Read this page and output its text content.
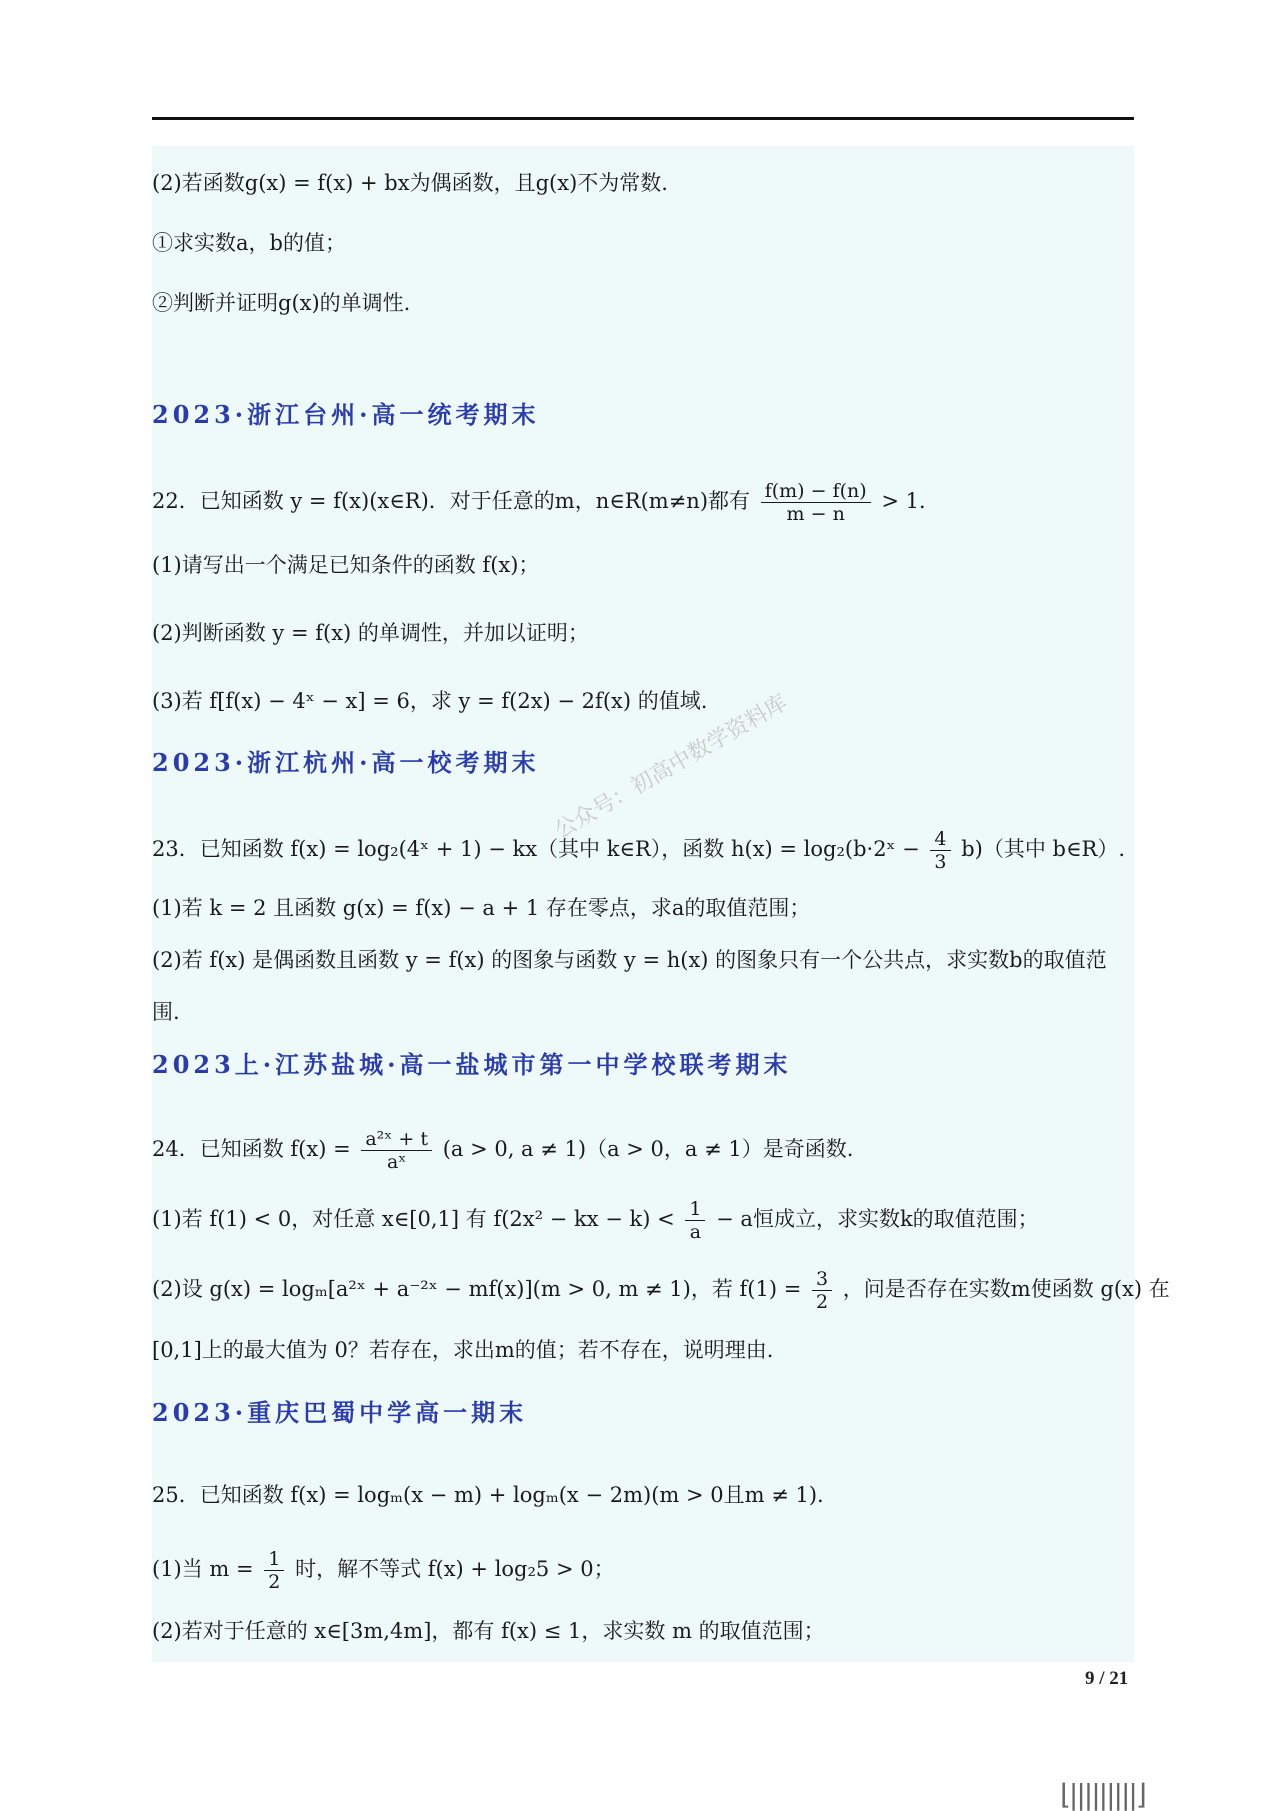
(2)若函数g(x) = f(x) + bx为偶函数，且g(x)不为常数.
①求实数a，b的值；
②判断并证明g(x)的单调性.
2023·浙江台州·高一统考期末
22．已知函数 y = f(x)(x∈R)．对于任意的m，n∈R(m≠n)都有 $\frac{f(m) - f(n)}{m - n} > 1$．
(1)请写出一个满足已知条件的函数 f(x)；
(2)判断函数 y = f(x) 的单调性，并加以证明；
(3)若 f[f(x) − 4ˣ − x] = 6，求 y = f(2x) − 2f(x) 的值域.
2023·浙江杭州·高一校考期末
23．已知函数 f(x) = log₂(4ˣ + 1) − kx（其中 k∈R），函数 h(x) = log₂(b·2ˣ − $\frac{4}{3} b$)（其中 b∈R）.
(1)若 k = 2 且函数 g(x) = f(x) − a + 1 存在零点，求a的取值范围；
(2)若 f(x) 是偶函数且函数 y = f(x) 的图象与函数 y = h(x) 的图象只有一个公共点，求实数b的取值范
围.
2023上·江苏盐城·高一盐城市第一中学校联考期末
24．已知函数 $f(x) = \frac{\text{a²ˣ + t}}{\text{aˣ}} (a > 0$, a ≠ 1)（a > 0，a ≠ 1）是奇函数.
(1)若 f(1) < 0，对任意 x∈[0,1] 有 f(2x² − kx − $k) < \frac{1}{a} - a$恒成立，求实数k的取值范围；
(2)设 g(x) = logₘ[a²ˣ + a⁻²ˣ − mf(x)](m > 0, m ≠ 1)，若 $f(1) = \frac{3}{2}$ ，问是否存在实数m使函数 g(x) 在
[0,1]上的最大值为 0？若存在，求出m的值；若不存在，说明理由.
2023·重庆巴蜀中学高一期末
25．已知函数 f(x) = logₘ(x − m) + logₘ(x − 2m)(m > 0且m ≠ 1).
(1)当 $m = \frac{1}{2}$ 时，解不等式 f(x) + log₂5 > 0；
(2)若对于任意的 x∈[3m,4m]，都有 f(x) ≤ 1，求实数 m 的取值范围；
9 / 21
公众号：初高中数学资料库
⌊|||||||||⌋
